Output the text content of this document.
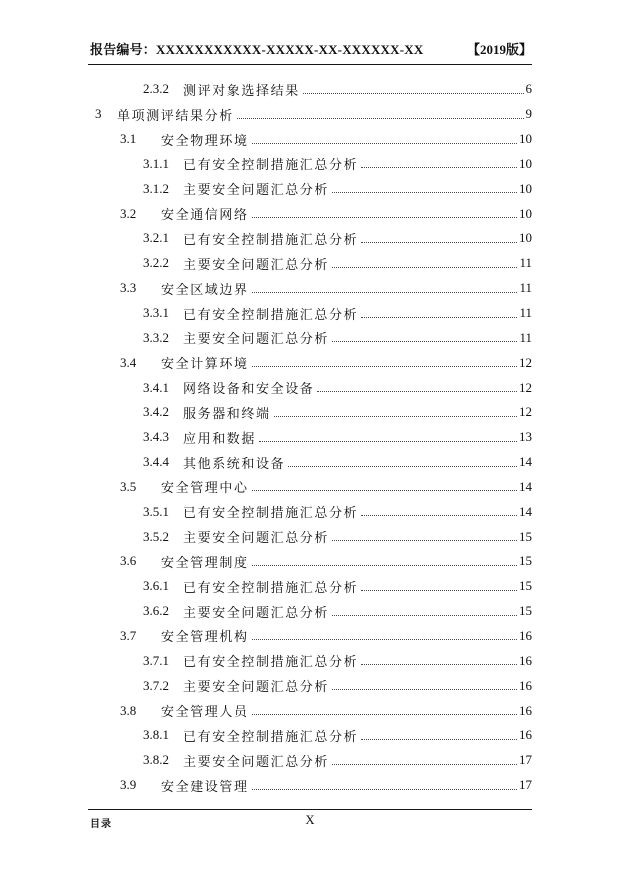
报告编号：XXXXXXXXXXX-XXXXX-XX-XXXXXX-XX	【2019版】
2.3.2	测评对象选择结果	6
3	单项测评结果分析	9
3.1	安全物理环境	10
3.1.1	已有安全控制措施汇总分析	10
3.1.2	主要安全问题汇总分析	10
3.2	安全通信网络	10
3.2.1	已有安全控制措施汇总分析	10
3.2.2	主要安全问题汇总分析	11
3.3	安全区域边界	11
3.3.1	已有安全控制措施汇总分析	11
3.3.2	主要安全问题汇总分析	11
3.4	安全计算环境	12
3.4.1	网络设备和安全设备	12
3.4.2	服务器和终端	12
3.4.3	应用和数据	13
3.4.4	其他系统和设备	14
3.5	安全管理中心	14
3.5.1	已有安全控制措施汇总分析	14
3.5.2	主要安全问题汇总分析	15
3.6	安全管理制度	15
3.6.1	已有安全控制措施汇总分析	15
3.6.2	主要安全问题汇总分析	15
3.7	安全管理机构	16
3.7.1	已有安全控制措施汇总分析	16
3.7.2	主要安全问题汇总分析	16
3.8	安全管理人员	16
3.8.1	已有安全控制措施汇总分析	16
3.8.2	主要安全问题汇总分析	17
3.9	安全建设管理	17
目录	X
